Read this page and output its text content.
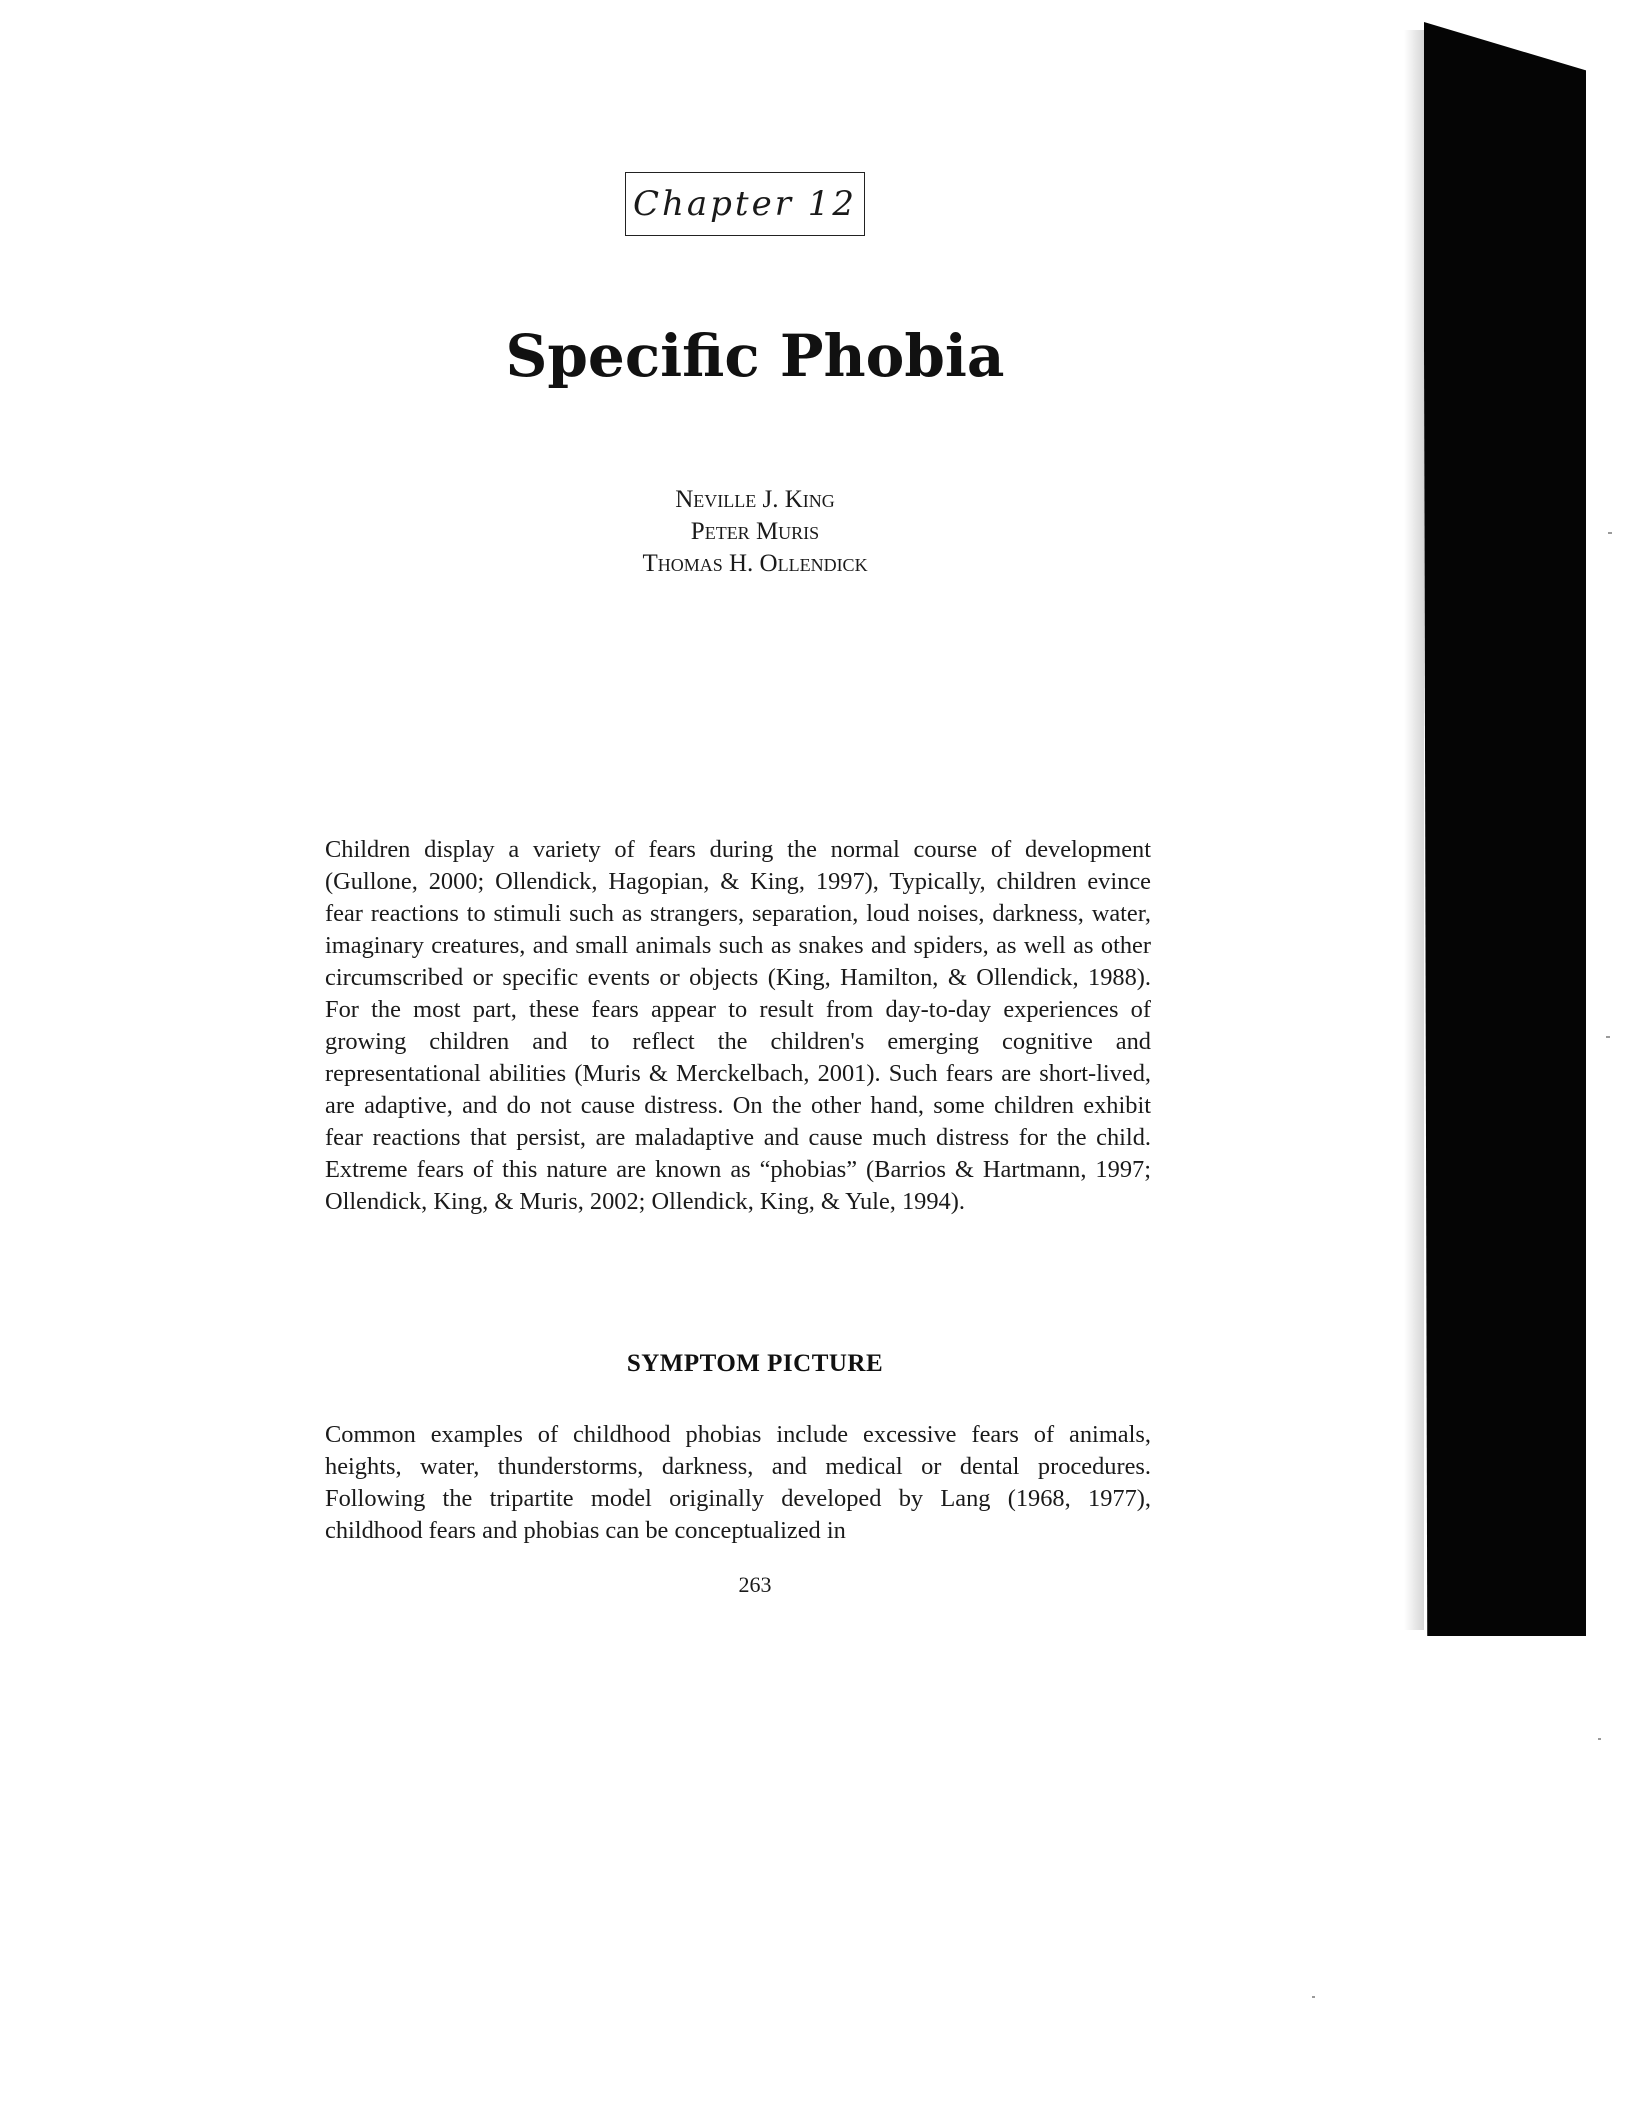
Chapter 12
Specific Phobia
Neville J. King
Peter Muris
Thomas H. Ollendick

Children display a variety of fears during the normal course of development (Gullone, 2000; Ollendick, Hagopian, & King, 1997), Typically, children evince fear reactions to stimuli such as strangers, separation, loud noises, darkness, water, imaginary creatures, and small animals such as snakes and spiders, as well as other circumscribed or specific events or objects (King, Hamilton, & Ollendick, 1988). For the most part, these fears appear to result from day-to-day experiences of growing children and to reflect the children's emerging cognitive and representational abilities (Muris & Merckelbach, 2001). Such fears are short-lived, are adaptive, and do not cause distress. On the other hand, some children exhibit fear reactions that persist, are maladaptive and cause much distress for the child. Extreme fears of this nature are known as “phobias” (Barrios & Hartmann, 1997; Ollendick, King, & Muris, 2002; Ollendick, King, & Yule, 1994).

SYMPTOM PICTURE

Common examples of childhood phobias include excessive fears of animals, heights, water, thunderstorms, darkness, and medical or dental procedures. Following the tripartite model originally developed by Lang (1968, 1977), childhood fears and phobias can be conceptualized in

263
